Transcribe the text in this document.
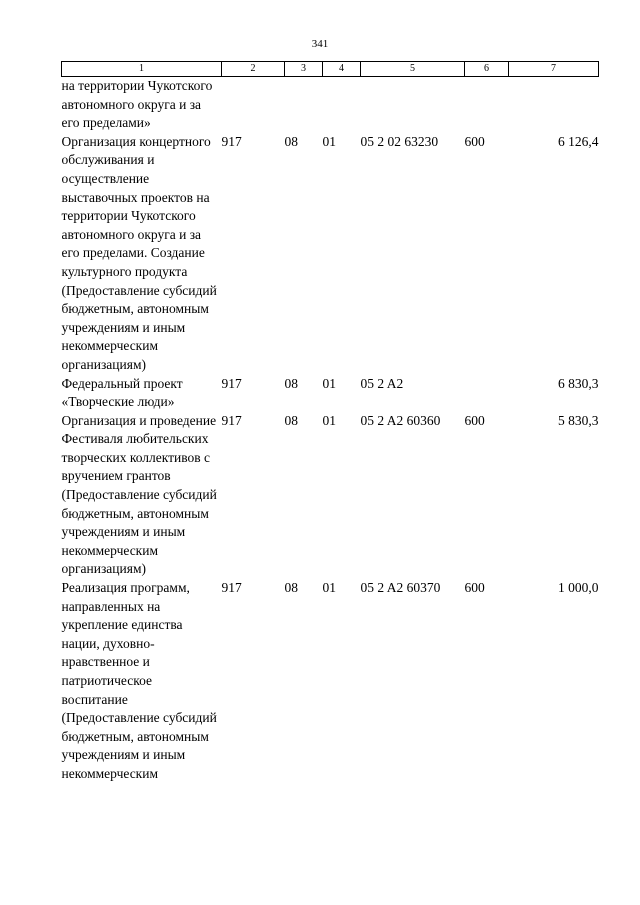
341
1	2	3	4	5	6	7
на территории Чукотского автономного округа и за его пределами»						
Организация концертного обслуживания и осуществление выставочных проектов на территории Чукотского автономного округа и за его пределами. Создание культурного продукта (Предоставление субсидий бюджетным, автономным учреждениям и иным некоммерческим организациям)	917	08	01	05 2 02 63230	600	6 126,4
Федеральный проект «Творческие люди»	917	08	01	05 2 A2		6 830,3
Организация и проведение Фестиваля любительских творческих коллективов с вручением грантов (Предоставление субсидий бюджетным, автономным учреждениям и иным некоммерческим организациям)	917	08	01	05 2 A2 60360	600	5 830,3
Реализация программ, направленных на укрепление единства нации, духовно-нравственное и патриотическое воспитание (Предоставление субсидий бюджетным, автономным учреждениям и иным некоммерческим	917	08	01	05 2 A2 60370	600	1 000,0
